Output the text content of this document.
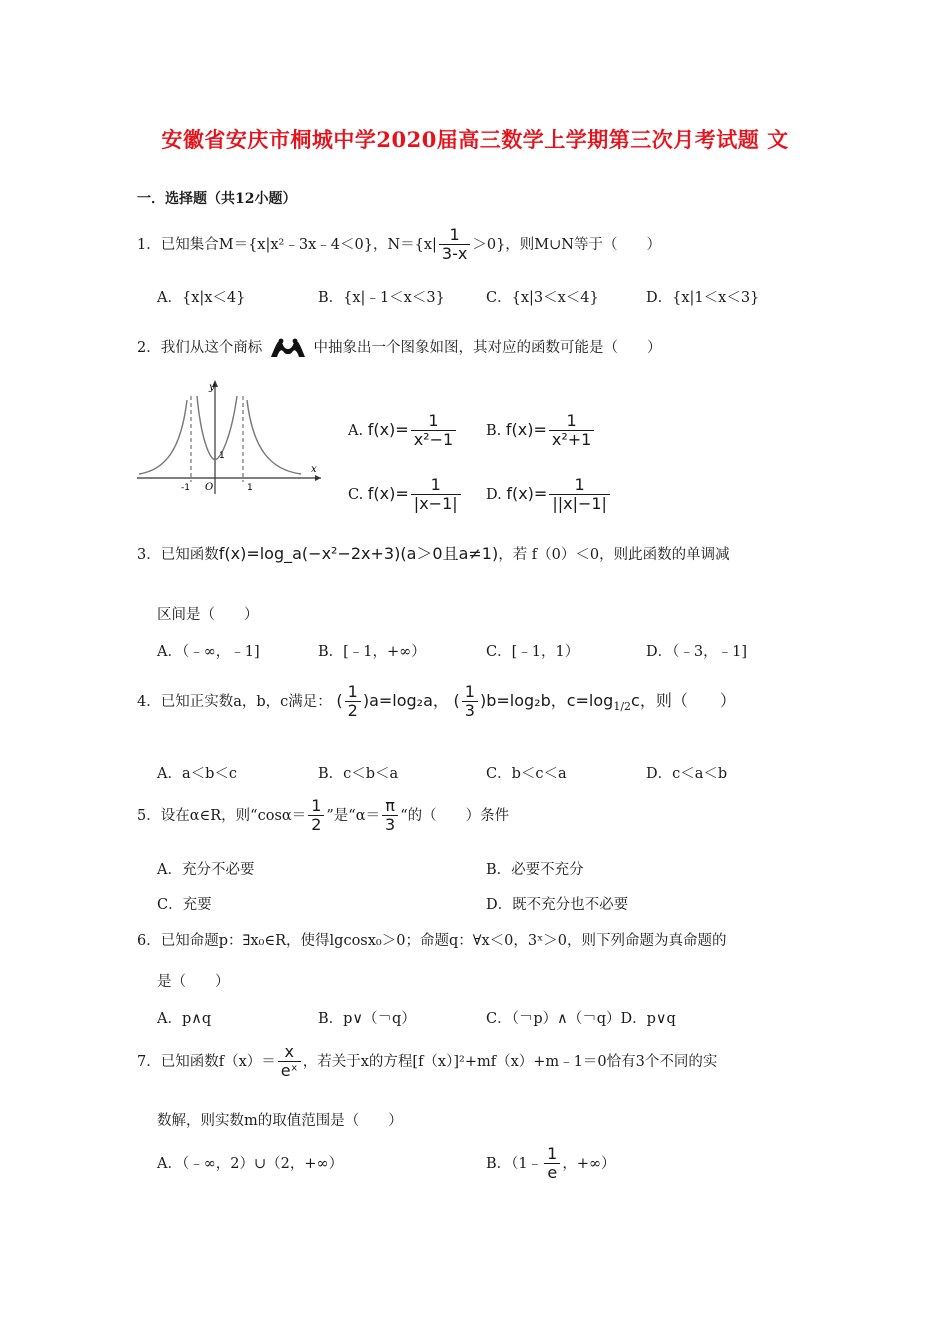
安徽省安庆市桐城中学2020届高三数学上学期第三次月考试题 文
一．选择题（共12小题）
1．已知集合M＝{x|x²﹣3x﹣4＜0}，$N=\{x| \frac{1}{3-x} >0\}$，则M∪N等于（　　）
A．{x|x＜4}	B．{x|﹣1＜x＜3}	C．{x|3＜x＜4}	D．{x|1＜x＜3}
2．我们从这个商标	中抽象出一个图象如图，其对应的函数可能是（　　）
y
x
O
-1	1
1
A. $f(x)= \frac{1}{\text{x²−1}} B$. $f(x)= \frac{1}{\text{x²+1}}$
C. $f(x)= \frac{1}{|x-1|} D$. $f(x)= \frac{1}{||x|-1|}$
3．已知函数f(x)=log_a(−x²−2x+3)(a＞0且a≠1)，若 f（0）＜0，则此函数的单调减
区间是（　　）
A．（﹣∞，﹣1]	B．[﹣1，+∞）	C．[﹣1，1）	D．（﹣3，﹣1]
4．已知正实数a，b，c满足： ( $\frac{1}{2} )a=\log_2a$， ( $\frac{1}{3} )b=\log_2b$，$c=\log_{1/2}c$，则（　　）
A．a＜b＜c	B．c＜b＜a	C．b＜c＜a	D．c＜a＜b
5．设在α∈R，则“$\cos\alpha= \frac{1}{2}$ ”是“$\alpha= \frac{\pi}{3}$ “的（　　）条件
A．充分不必要	B．必要不充分
C．充要	D．既不充分也不必要
6．已知命题p：∃x₀∈R，使得lgcosx₀＞0；命题q：∀x＜0，3ˣ＞0，则下列命题为真命题的
是（　　）
A．p∧q	B．p∨（￢q）	C．（￢p）∧（￢q）D．p∨q
7．已知函数$f(x)= \frac{x}{\text{eˣ}}$ ，若关于x的方程[f（x）]²+mf（x）+m﹣1＝0恰有3个不同的实
数解，则实数m的取值范围是（　　）
A．（﹣∞，2）∪（2，+∞）	B．（1﹣ $\frac{1}{e}$ ，+∞）
